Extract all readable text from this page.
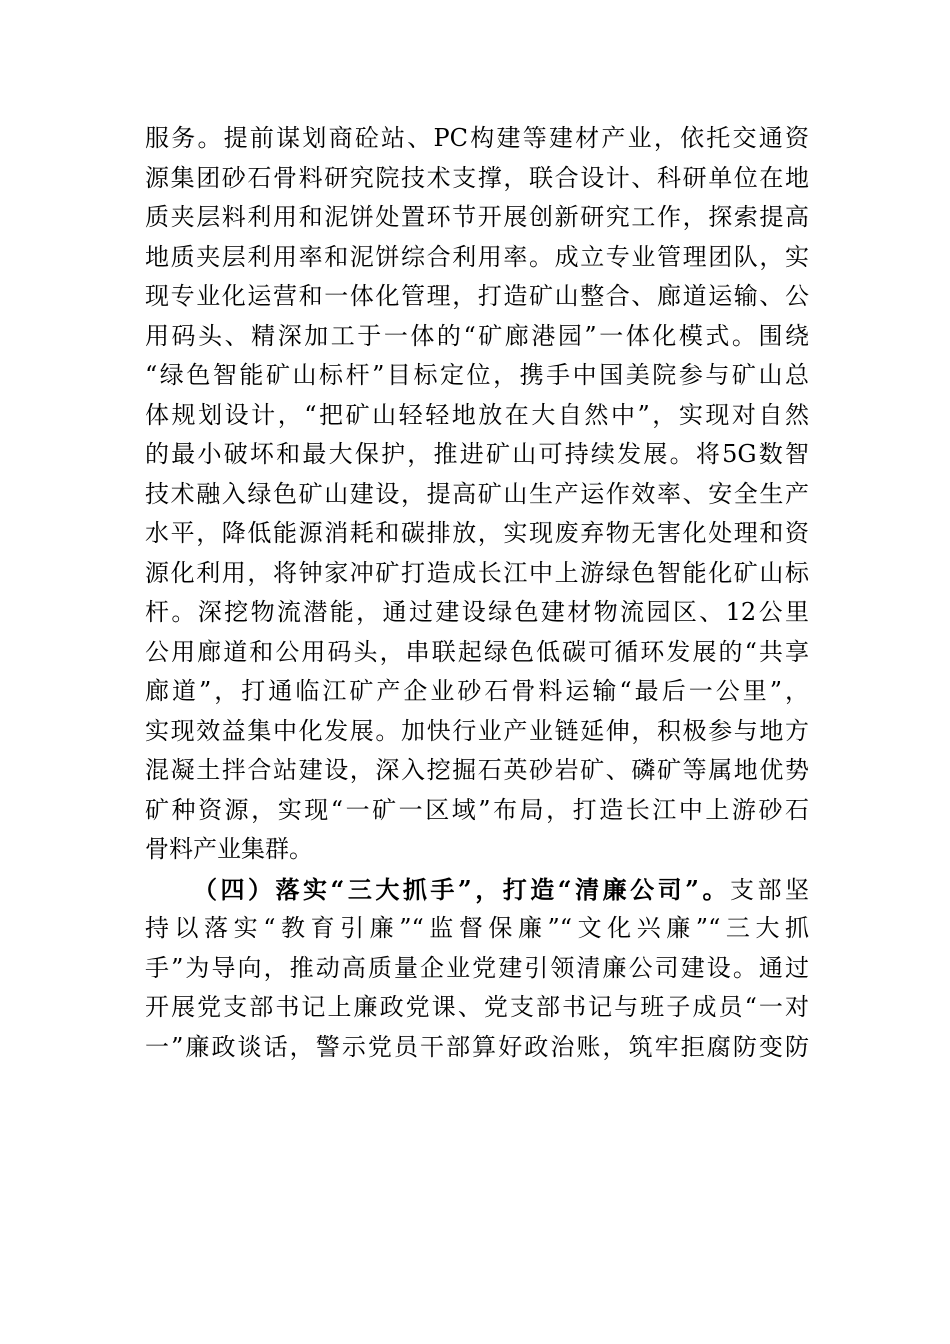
服务。提前谋划商砼站、PC构建等建材产业，依托交通资
源集团砂石骨料研究院技术支撑，联合设计、科研单位在地
质夹层料利用和泥饼处置环节开展创新研究工作，探索提高
地质夹层利用率和泥饼综合利用率。成立专业管理团队，实
现专业化运营和一体化管理，打造矿山整合、廊道运输、公
用码头、精深加工于一体的“矿廊港园”一体化模式。围绕
“绿色智能矿山标杆”目标定位，携手中国美院参与矿山总
体规划设计，“把矿山轻轻地放在大自然中”，实现对自然
的最小破坏和最大保护，推进矿山可持续发展。将5G数智
技术融入绿色矿山建设，提高矿山生产运作效率、安全生产
水平，降低能源消耗和碳排放，实现废弃物无害化处理和资
源化利用，将钟家冲矿打造成长江中上游绿色智能化矿山标
杆。深挖物流潜能，通过建设绿色建材物流园区、12公里
公用廊道和公用码头，串联起绿色低碳可循环发展的“共享
廊道”，打通临江矿产企业砂石骨料运输“最后一公里”，
实现效益集中化发展。加快行业产业链延伸，积极参与地方
混凝土拌合站建设，深入挖掘石英砂岩矿、磷矿等属地优势
矿种资源，实现“一矿一区域”布局，打造长江中上游砂石
骨料产业集群。
（四）落实“三大抓手”，打造“清廉公司”。支部坚
持以落实“教育引廉”“监督保廉”“文化兴廉”“三大抓
手”为导向，推动高质量企业党建引领清廉公司建设。通过
开展党支部书记上廉政党课、党支部书记与班子成员“一对
一”廉政谈话，警示党员干部算好政治账，筑牢拒腐防变防
